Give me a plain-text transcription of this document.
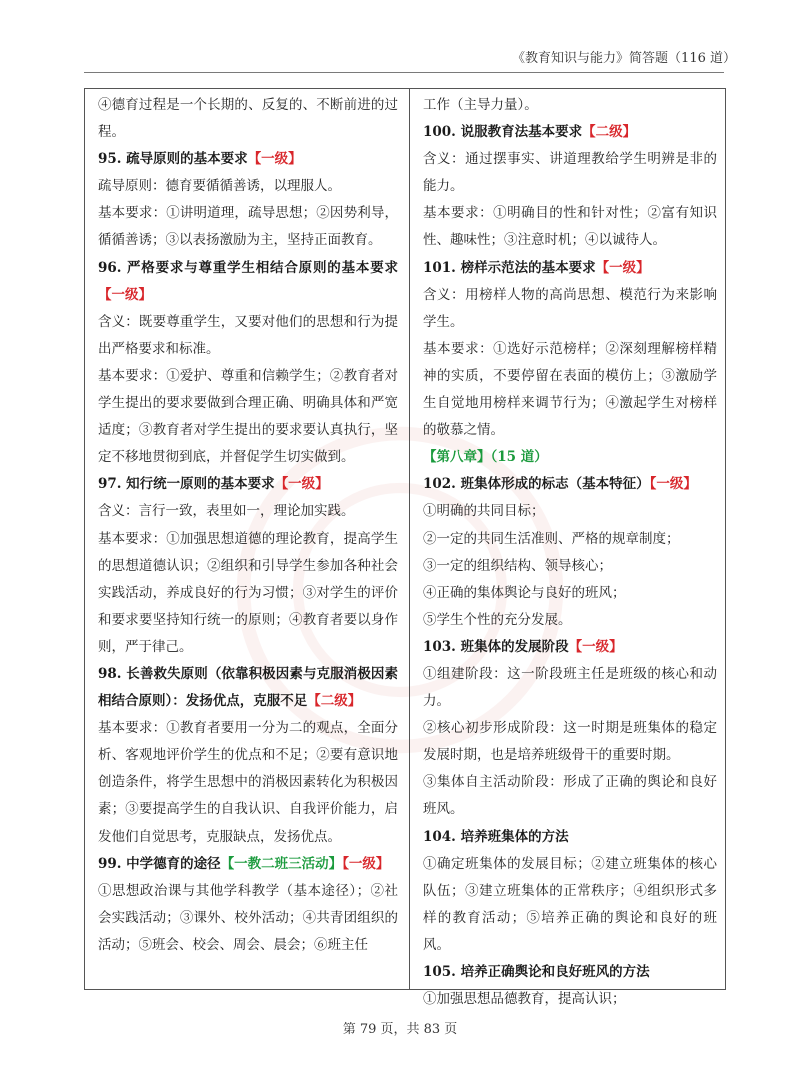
《教育知识与能力》简答题（116 道）

④德育过程是一个长期的、反复的、不断前进的过程。

95. 疏导原则的基本要求【一级】

疏导原则：德育要循循善诱，以理服人。

基本要求：①讲明道理，疏导思想；②因势利导，循循善诱；③以表扬激励为主，坚持正面教育。

96. 严格要求与尊重学生相结合原则的基本要求【一级】

含义：既要尊重学生，又要对他们的思想和行为提出严格要求和标准。

基本要求：①爱护、尊重和信赖学生；②教育者对学生提出的要求要做到合理正确、明确具体和严宽适度；③教育者对学生提出的要求要认真执行，坚定不移地贯彻到底，并督促学生切实做到。

97. 知行统一原则的基本要求【一级】

含义：言行一致，表里如一，理论加实践。

基本要求：①加强思想道德的理论教育，提高学生的思想道德认识；②组织和引导学生参加各种社会实践活动，养成良好的行为习惯；③对学生的评价和要求要坚持知行统一的原则；④教育者要以身作则，严于律己。

98. 长善救失原则（依靠积极因素与克服消极因素相结合原则）：发扬优点，克服不足【二级】

基本要求：①教育者要用一分为二的观点，全面分析、客观地评价学生的优点和不足；②要有意识地创造条件，将学生思想中的消极因素转化为积极因素；③要提高学生的自我认识、自我评价能力，启发他们自觉思考，克服缺点，发扬优点。

99. 中学德育的途径【一教二班三活动】【一级】

①思想政治课与其他学科教学（基本途径）；②社会实践活动；③课外、校外活动；④共青团组织的活动；⑤班会、校会、周会、晨会；⑥班主任

工作（主导力量）。

100. 说服教育法基本要求【二级】

含义：通过摆事实、讲道理教给学生明辨是非的能力。

基本要求：①明确目的性和针对性；②富有知识性、趣味性；③注意时机；④以诚待人。

101. 榜样示范法的基本要求【一级】

含义：用榜样人物的高尚思想、模范行为来影响学生。

基本要求：①选好示范榜样；②深刻理解榜样精神的实质，不要停留在表面的模仿上；③激励学生自觉地用榜样来调节行为；④激起学生对榜样的敬慕之情。

【第八章】（15 道）

102. 班集体形成的标志（基本特征）【一级】

①明确的共同目标；

②一定的共同生活准则、严格的规章制度；

③一定的组织结构、领导核心；

④正确的集体舆论与良好的班风；

⑤学生个性的充分发展。

103. 班集体的发展阶段【一级】

①组建阶段：这一阶段班主任是班级的核心和动力。

②核心初步形成阶段：这一时期是班集体的稳定发展时期，也是培养班级骨干的重要时期。

③集体自主活动阶段：形成了正确的舆论和良好班风。

104. 培养班集体的方法

①确定班集体的发展目标；②建立班集体的核心队伍；③建立班集体的正常秩序；④组织形式多样的教育活动；⑤培养正确的舆论和良好的班风。

105. 培养正确舆论和良好班风的方法

①加强思想品德教育，提高认识；

第 79 页，共 83 页
